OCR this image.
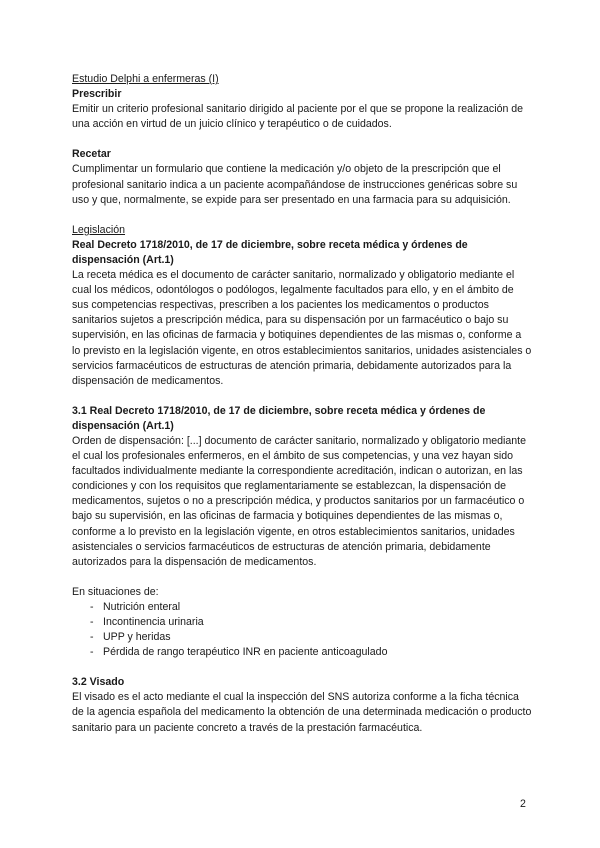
Estudio Delphi a enfermeras (I)

Prescribir

Emitir un criterio profesional sanitario dirigido al paciente por el que se propone la realización de una acción en virtud de un juicio clínico y terapéutico o de cuidados.

Recetar

Cumplimentar un formulario que contiene la medicación y/o objeto de la prescripción que el profesional sanitario indica a un paciente acompañándose de instrucciones genéricas sobre su uso y que, normalmente, se expide para ser presentado en una farmacia para su adquisición.

Legislación

Real Decreto 1718/2010, de 17 de diciembre, sobre receta médica y órdenes de dispensación (Art.1)

La receta médica es el documento de carácter sanitario, normalizado y obligatorio mediante el cual los médicos, odontólogos o podólogos, legalmente facultados para ello, y en el ámbito de sus competencias respectivas, prescriben a los pacientes los medicamentos o productos sanitarios sujetos a prescripción médica, para su dispensación por un farmacéutico o bajo su supervisión, en las oficinas de farmacia y botiquines dependientes de las mismas o, conforme a lo previsto en la legislación vigente, en otros establecimientos sanitarios, unidades asistenciales o servicios farmacéuticos de estructuras de atención primaria, debidamente autorizados para la dispensación de medicamentos.

3.1 Real Decreto 1718/2010, de 17 de diciembre, sobre receta médica y órdenes de dispensación (Art.1)

Orden de dispensación: [...] documento de carácter sanitario, normalizado y obligatorio mediante el cual los profesionales enfermeros, en el ámbito de sus competencias, y una vez hayan sido facultados individualmente mediante la correspondiente acreditación, indican o autorizan, en las condiciones y con los requisitos que reglamentariamente se establezcan, la dispensación de medicamentos, sujetos o no a prescripción médica, y productos sanitarios por un farmacéutico o bajo su supervisión, en las oficinas de farmacia y botiquines dependientes de las mismas o, conforme a lo previsto en la legislación vigente, en otros establecimientos sanitarios, unidades asistenciales o servicios farmacéuticos de estructuras de atención primaria, debidamente autorizados para la dispensación de medicamentos.

En situaciones de:

- Nutrición enteral
- Incontinencia urinaria
- UPP y heridas
- Pérdida de rango terapéutico INR en paciente anticoagulado

3.2 Visado

El visado es el acto mediante el cual la inspección del SNS autoriza conforme a la ficha técnica de la agencia española del medicamento la obtención de una determinada medicación o producto sanitario para un paciente concreto a través de la prestación farmacéutica.

2
